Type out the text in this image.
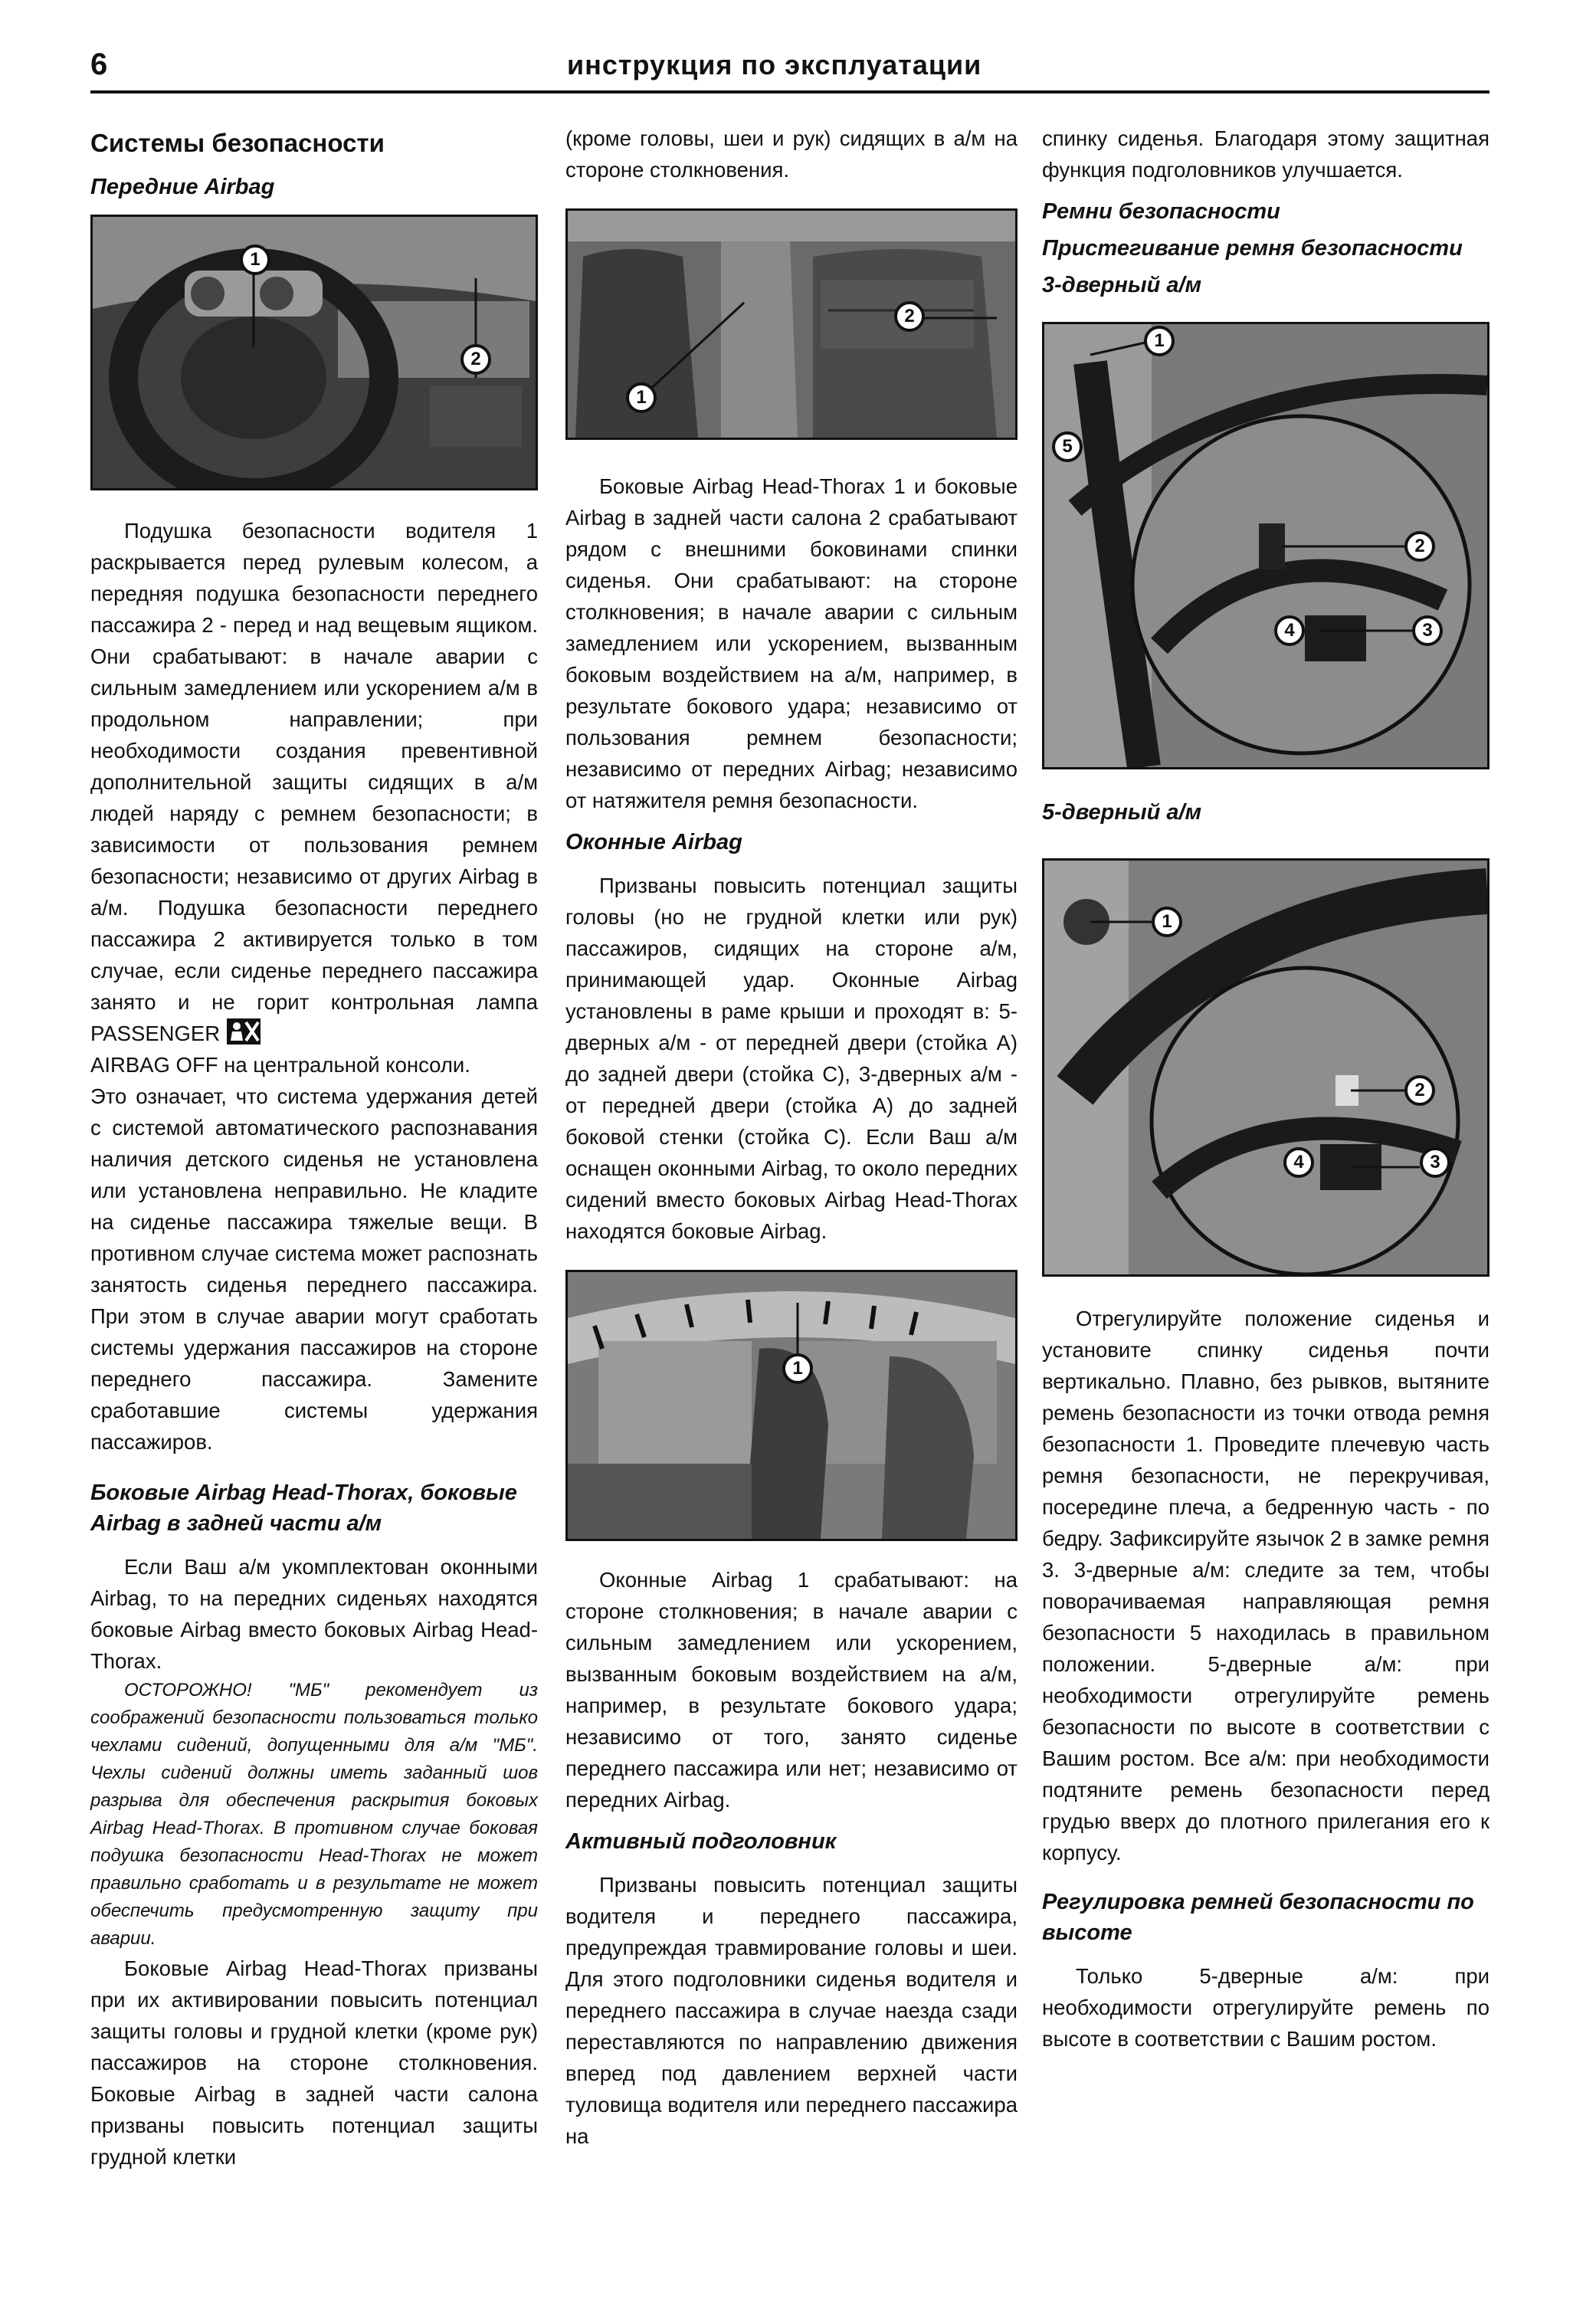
6	инструкция по эксплуатации
Системы безопасности
Передние Airbag
1
2

Подушка безопасности водителя 1 раскрывается перед рулевым колесом, а передняя подушка безопасности переднего пассажира 2 - перед и над вещевым ящиком. Они срабатывают: в начале аварии с сильным замедлением или ускорением а/м в продольном направлении; при необходимости создания превентивной дополнительной защиты сидящих в а/м людей наряду с ремнем безопасности; в зависимости от пользования ремнем безопасности; независимо от других Airbag в а/м. Подушка безопасности переднего пассажира 2 активируется только в том случае, если сиденье переднего пассажира занято и не горит контрольная лампа PASSENGER

AIRBAG OFF на центральной консоли.

Это означает, что система удержания детей с системой автоматического распознавания наличия детского сиденья не установлена или установлена неправильно. Не кладите на сиденье пассажира тяжелые вещи. В противном случае система может распознать занятость сиденья переднего пассажира. При этом в случае аварии могут сработать системы удержания пассажиров на стороне переднего пассажира. Замените сработавшие системы удержания пассажиров.

Боковые Airbag Head-Thorax, боковые Airbag в задней части а/м

Если Ваш а/м укомплектован оконными Airbag, то на передних сиденьях находятся боковые Airbag вместо боковых Airbag Head-Thorax.

ОСТОРОЖНО! "МБ" рекомендует из соображений безопасности пользоваться только чехлами сидений, допущенными для а/м "МБ". Чехлы сидений должны иметь заданный шов разрыва для обеспечения раскрытия боковых Airbag Head-Thorax. В противном случае боковая подушка безопасности Head-Thorax не может правильно сработать и в результате не может обеспечить предусмотренную защиту при аварии.

Боковые Airbag Head-Thorax призваны при их активировании повысить потенциал защиты головы и грудной клетки (кроме рук) пассажиров на стороне столкновения. Боковые Airbag в задней части салона призваны повысить потенциал защиты грудной клетки

(кроме головы, шеи и рук) сидящих в а/м на стороне столкновения.

1
2

Боковые Airbag Head-Thorax 1 и боковые Airbag в задней части салона 2 срабатывают рядом с внешними боковинами спинки сиденья. Они срабатывают: на стороне столкновения; в начале аварии с сильным замедлением или ускорением, вызванным боковым воздействием на а/м, например, в результате бокового удара; независимо от пользования ремнем безопасности; независимо от передних Airbag; независимо от натяжителя ремня безопасности.

Оконные Airbag

Призваны повысить потенциал защиты головы (но не грудной клетки или рук) пассажиров, сидящих на стороне а/м, принимающей удар. Оконные Airbag установлены в раме крыши и проходят в: 5-дверных а/м - от передней двери (стойка А) до задней двери (стойка С), 3-дверных а/м - от передней двери (стойка А) до задней боковой стенки (стойка С). Если Ваш а/м оснащен оконными Airbag, то около передних сидений вместо боковых Airbag Head-Thorax находятся боковые Airbag.

1

Оконные Airbag 1 срабатывают: на стороне столкновения; в начале аварии с сильным замедлением или ускорением, вызванным боковым воздействием на а/м, например, в результате бокового удара; независимо от того, занято сиденье переднего пассажира или нет; независимо от передних Airbag.

Активный подголовник

Призваны повысить потенциал защиты водителя и переднего пассажира, предупреждая травмирование головы и шеи. Для этого подголовники сиденья водителя и переднего пассажира в случае наезда сзади переставляются по направлению движения вперед под давлением верхней части туловища водителя или переднего пассажира на

спинку сиденья. Благодаря этому защитная функция подголовников улучшается.

Ремни безопасности
Пристегивание ремня безопасности
3-дверный а/м
1
5
2
4	3
5-дверный а/м
1
2
4	3

Отрегулируйте положение сиденья и установите спинку сиденья почти вертикально. Плавно, без рывков, вытяните ремень безопасности из точки отвода ремня безопасности 1. Проведите плечевую часть ремня безопасности, не перекручивая, посередине плеча, а бедренную часть - по бедру. Зафиксируйте язычок 2 в замке ремня 3. 3-дверные а/м: следите за тем, чтобы поворачиваемая направляющая ремня безопасности 5 находилась в правильном положении. 5-дверные а/м: при необходимости отрегулируйте ремень безопасности по высоте в соответствии с Вашим ростом. Все а/м: при необходимости подтяните ремень безопасности перед грудью вверх до плотного прилегания его к корпусу.

Регулировка ремней безопасности по высоте

Только 5-дверные а/м: при необходимости отрегулируйте ремень по высоте в соответствии с Вашим ростом.
